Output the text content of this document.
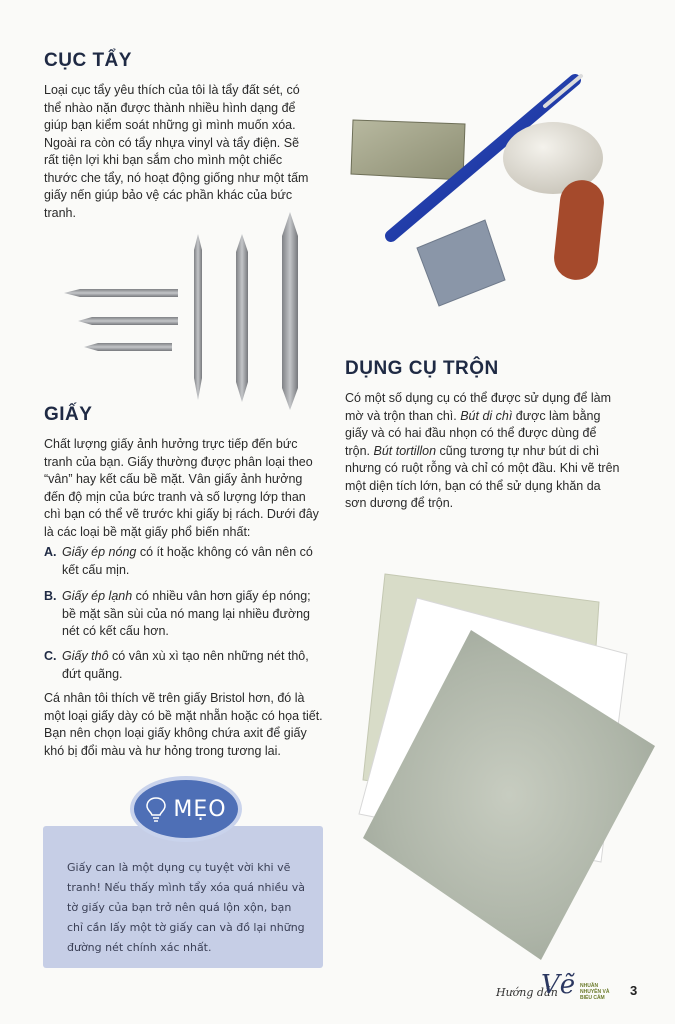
CỤC TẨY

Loại cục tẩy yêu thích của tôi là tẩy đất sét, có thể nhào nặn được thành nhiều hình dạng để giúp bạn kiểm soát những gì mình muốn xóa. Ngoài ra còn có tẩy nhựa vinyl và tẩy điện. Sẽ rất tiện lợi khi bạn sắm cho mình một chiếc thước che tẩy, nó hoạt động giống như một tấm giấy nến giúp bảo vệ các phần khác của bức tranh.

DỤNG CỤ TRỘN

Có một số dụng cụ có thể được sử dụng để làm mờ và trộn than chì. Bút di chì được làm bằng giấy và có hai đầu nhọn có thể được dùng để trộn. Bút tortillon cũng tương tự như bút di chì nhưng có ruột rỗng và chỉ có một đầu. Khi vẽ trên một diện tích lớn, bạn có thể sử dụng khăn da sơn dương để trộn.

GIẤY

Chất lượng giấy ảnh hưởng trực tiếp đến bức tranh của bạn. Giấy thường được phân loại theo “vân” hay kết cấu bề mặt. Vân giấy ảnh hưởng đến độ mịn của bức tranh và số lượng lớp than chì bạn có thể vẽ trước khi giấy bị rách. Dưới đây là các loại bề mặt giấy phổ biến nhất:

A. Giấy ép nóng có ít hoặc không có vân nên có kết cấu mịn.
B. Giấy ép lạnh có nhiều vân hơn giấy ép nóng; bề mặt sần sùi của nó mang lại nhiều đường nét có kết cấu hơn.
C. Giấy thô có vân xù xì tạo nên những nét thô, đứt quãng.

Cá nhân tôi thích vẽ trên giấy Bristol hơn, đó là một loại giấy dày có bề mặt nhẵn hoặc có họa tiết. Bạn nên chọn loại giấy không chứa axit để giấy khó bị đổi màu và hư hỏng trong tương lai.

Giấy can là một dụng cụ tuyệt vời khi vẽ tranh! Nếu thấy mình tẩy xóa quá nhiều và tờ giấy của bạn trở nên quá lộn xộn, bạn chỉ cần lấy một tờ giấy can và đồ lại những đường nét chính xác nhất.
MẸO
Hướng dẫn
Vẽ NHUẦN NHUYỄN VÀ BIỂU CẢM	3
